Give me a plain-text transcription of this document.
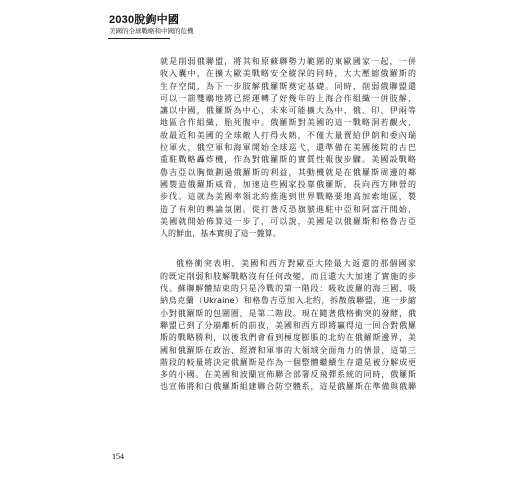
2030脫鉤中國
美國的全球戰略和中國的危機

就是削弱俄聯盟，將其和原蘇聯勢力範圍的東歐國家一起，一併
收入囊中，在擴大歐美戰略安全縱深的同時，大大壓縮俄羅斯的
生存空間，為下一步肢解俄羅斯奠定基礎。同時，削弱俄聯盟還
可以一箭雙鵰地將已經運轉了好幾年的上海合作組織一併肢解，
讓以中國，俄羅斯為中心，未來可能擴大為中、俄、印、伊兩等
地區合作組織，胎死腹中。俄羅斯對美國的這一戰略洞若觀火，
故最近和美國的全球敵人打得火熱，不僅大量賣給伊朗和委內瑞
拉軍火，俄空軍和海軍開始全球巡弋，還準備在美國後院的古巴
重駐戰略轟炸機，作為對俄羅斯的實質性報復步驟。美國設戰略
魯吉亞以胸徵劃過俄羅斯的利益，其動機就是在俄羅斯周邊的鄰
國製造俄羅斯威脅，加速這些國家投靠俄羅斯，長向西方陣營的
步伐。這就為美國率領北約推進到世界戰略要地高加索地區，製
造了有利的輿論氛圍。從打著反恐旗號進駐中亞和阿富汗開始，
美國就開始佈算這一步了，可以說，美國是以俄羅斯和格魯吉亞
人的鮮血，基本實現了這一盤算。

俄格衝突表明，美國和西方對歐亞大陸最大返還的那個國家
的既定削弱和肢解戰略沒有任何改變，而且還大大加速了實施的步
伐。蘇聯解體結束的只是冷戰的第一階段：吸收波羅的海三國、吸
納烏克蘭（Ukraine）和格魯吉亞加入北約，拆散俄聯盟，進一步縮
小對俄羅斯的包圍圈，是第二階段。現在隨著俄格衝突的發酵，俄
聯盟已到了分崩離析的前夜，美國和西方即將贏得這一回合對俄羅
斯的戰略勝利，以後我們會看到極度膨脹的北約在俄羅斯邊界，美
國和俄羅斯在政治、經濟和軍事的大領域全面角力的情景，這第三
階段的較量將決定俄羅斯是作為一個整體繼續生存還是被分解成更
多的小國。在美國和波蘭宣佈聯合部署反飛彈系統的同時，俄羅斯
也宣佈將和白俄羅斯組建聯合防空體系，這是俄羅斯在準備與俄聯

154
